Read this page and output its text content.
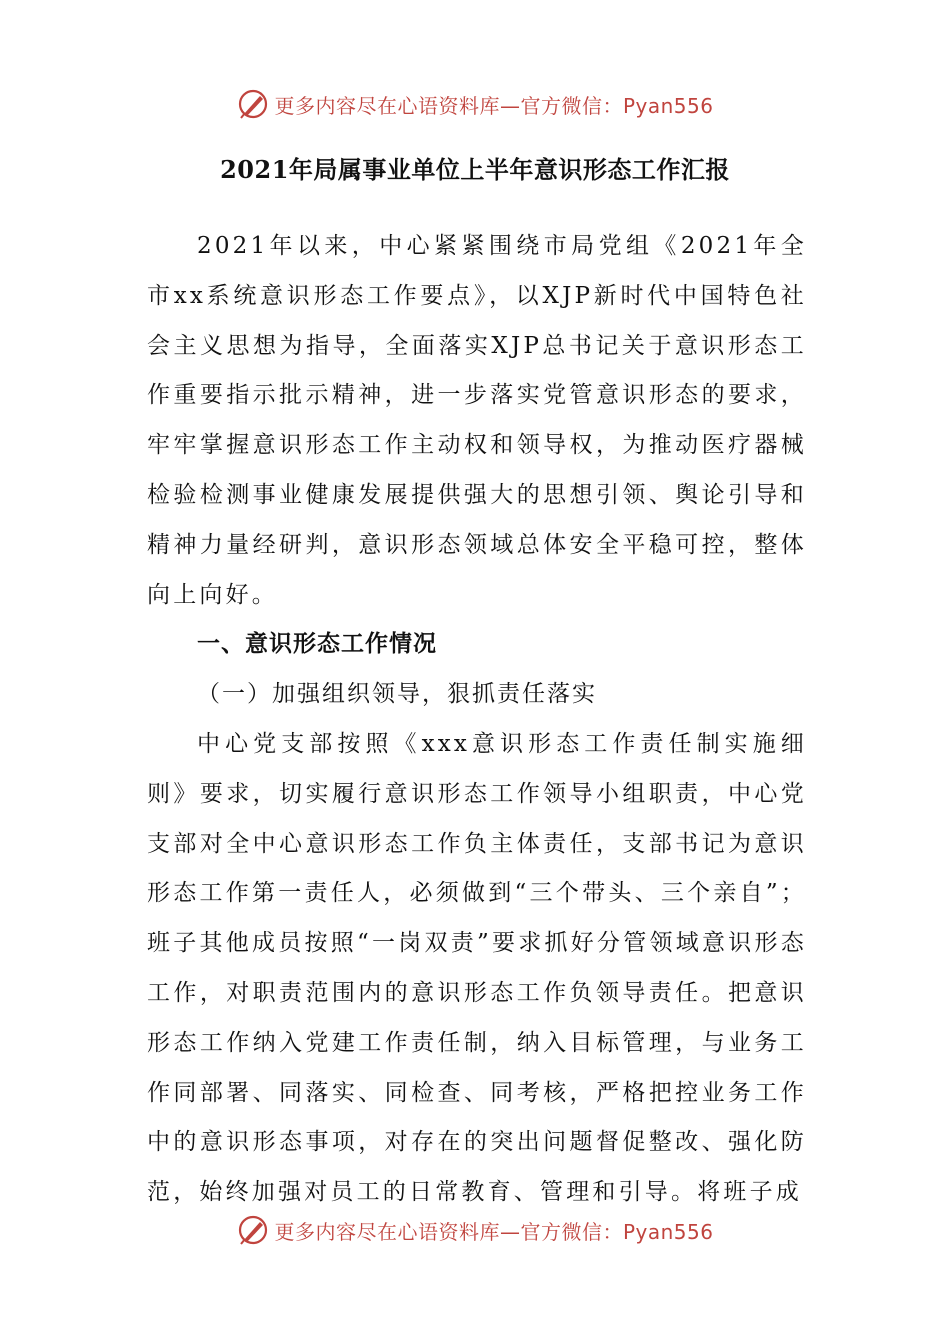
更多内容尽在心语资料库—官方微信：Pyan556
2021年局属事业单位上半年意识形态工作汇报

2021年以来，中心紧紧围绕市局党组《2021年全市xx系统意识形态工作要点》，以XJP新时代中国特色社会主义思想为指导，全面落实XJP总书记关于意识形态工作重要指示批示精神，进一步落实党管意识形态的要求，牢牢掌握意识形态工作主动权和领导权，为推动医疗器械检验检测事业健康发展提供强大的思想引领、舆论引导和精神力量经研判，意识形态领域总体安全平稳可控，整体向上向好。

一、意识形态工作情况

（一）加强组织领导，狠抓责任落实

中心党支部按照《xxx意识形态工作责任制实施细则》要求，切实履行意识形态工作领导小组职责，中心党支部对全中心意识形态工作负主体责任，支部书记为意识形态工作第一责任人，必须做到“三个带头、三个亲自”；班子其他成员按照“一岗双责”要求抓好分管领域意识形态工作，对职责范围内的意识形态工作负领导责任。把意识形态工作纳入党建工作责任制，纳入目标管理，与业务工作同部署、同落实、同检查、同考核，严格把控业务工作中的意识形态事项，对存在的突出问题督促整改、强化防范，始终加强对员工的日常教育、管理和引导。将班子成

更多内容尽在心语资料库—官方微信：Pyan556
